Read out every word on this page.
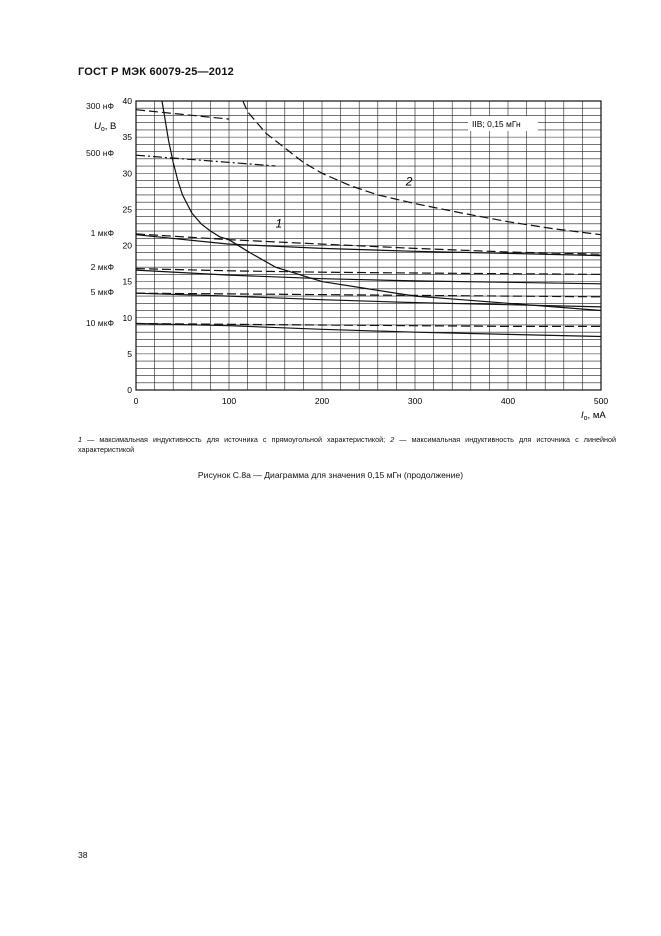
ГОСТ Р МЭК 60079-25—2012
1
2
0	100	200	300	400	500
0
5
10
15
20
25
30
35
40
IIB; 0,15 мГн
$U_o$, В
$I_o$, мА
300 нФ
500 нФ
1 мкФ
2 мкФ
5 мкФ
10 мкФ
1 — максимальная индуктивность для источника с прямоугольной характеристикой; 2 — максимальная индуктивность для источника с линейной характеристикой
Рисунок С.8а — Диаграмма для значения 0,15 мГн (продолжение)
38
